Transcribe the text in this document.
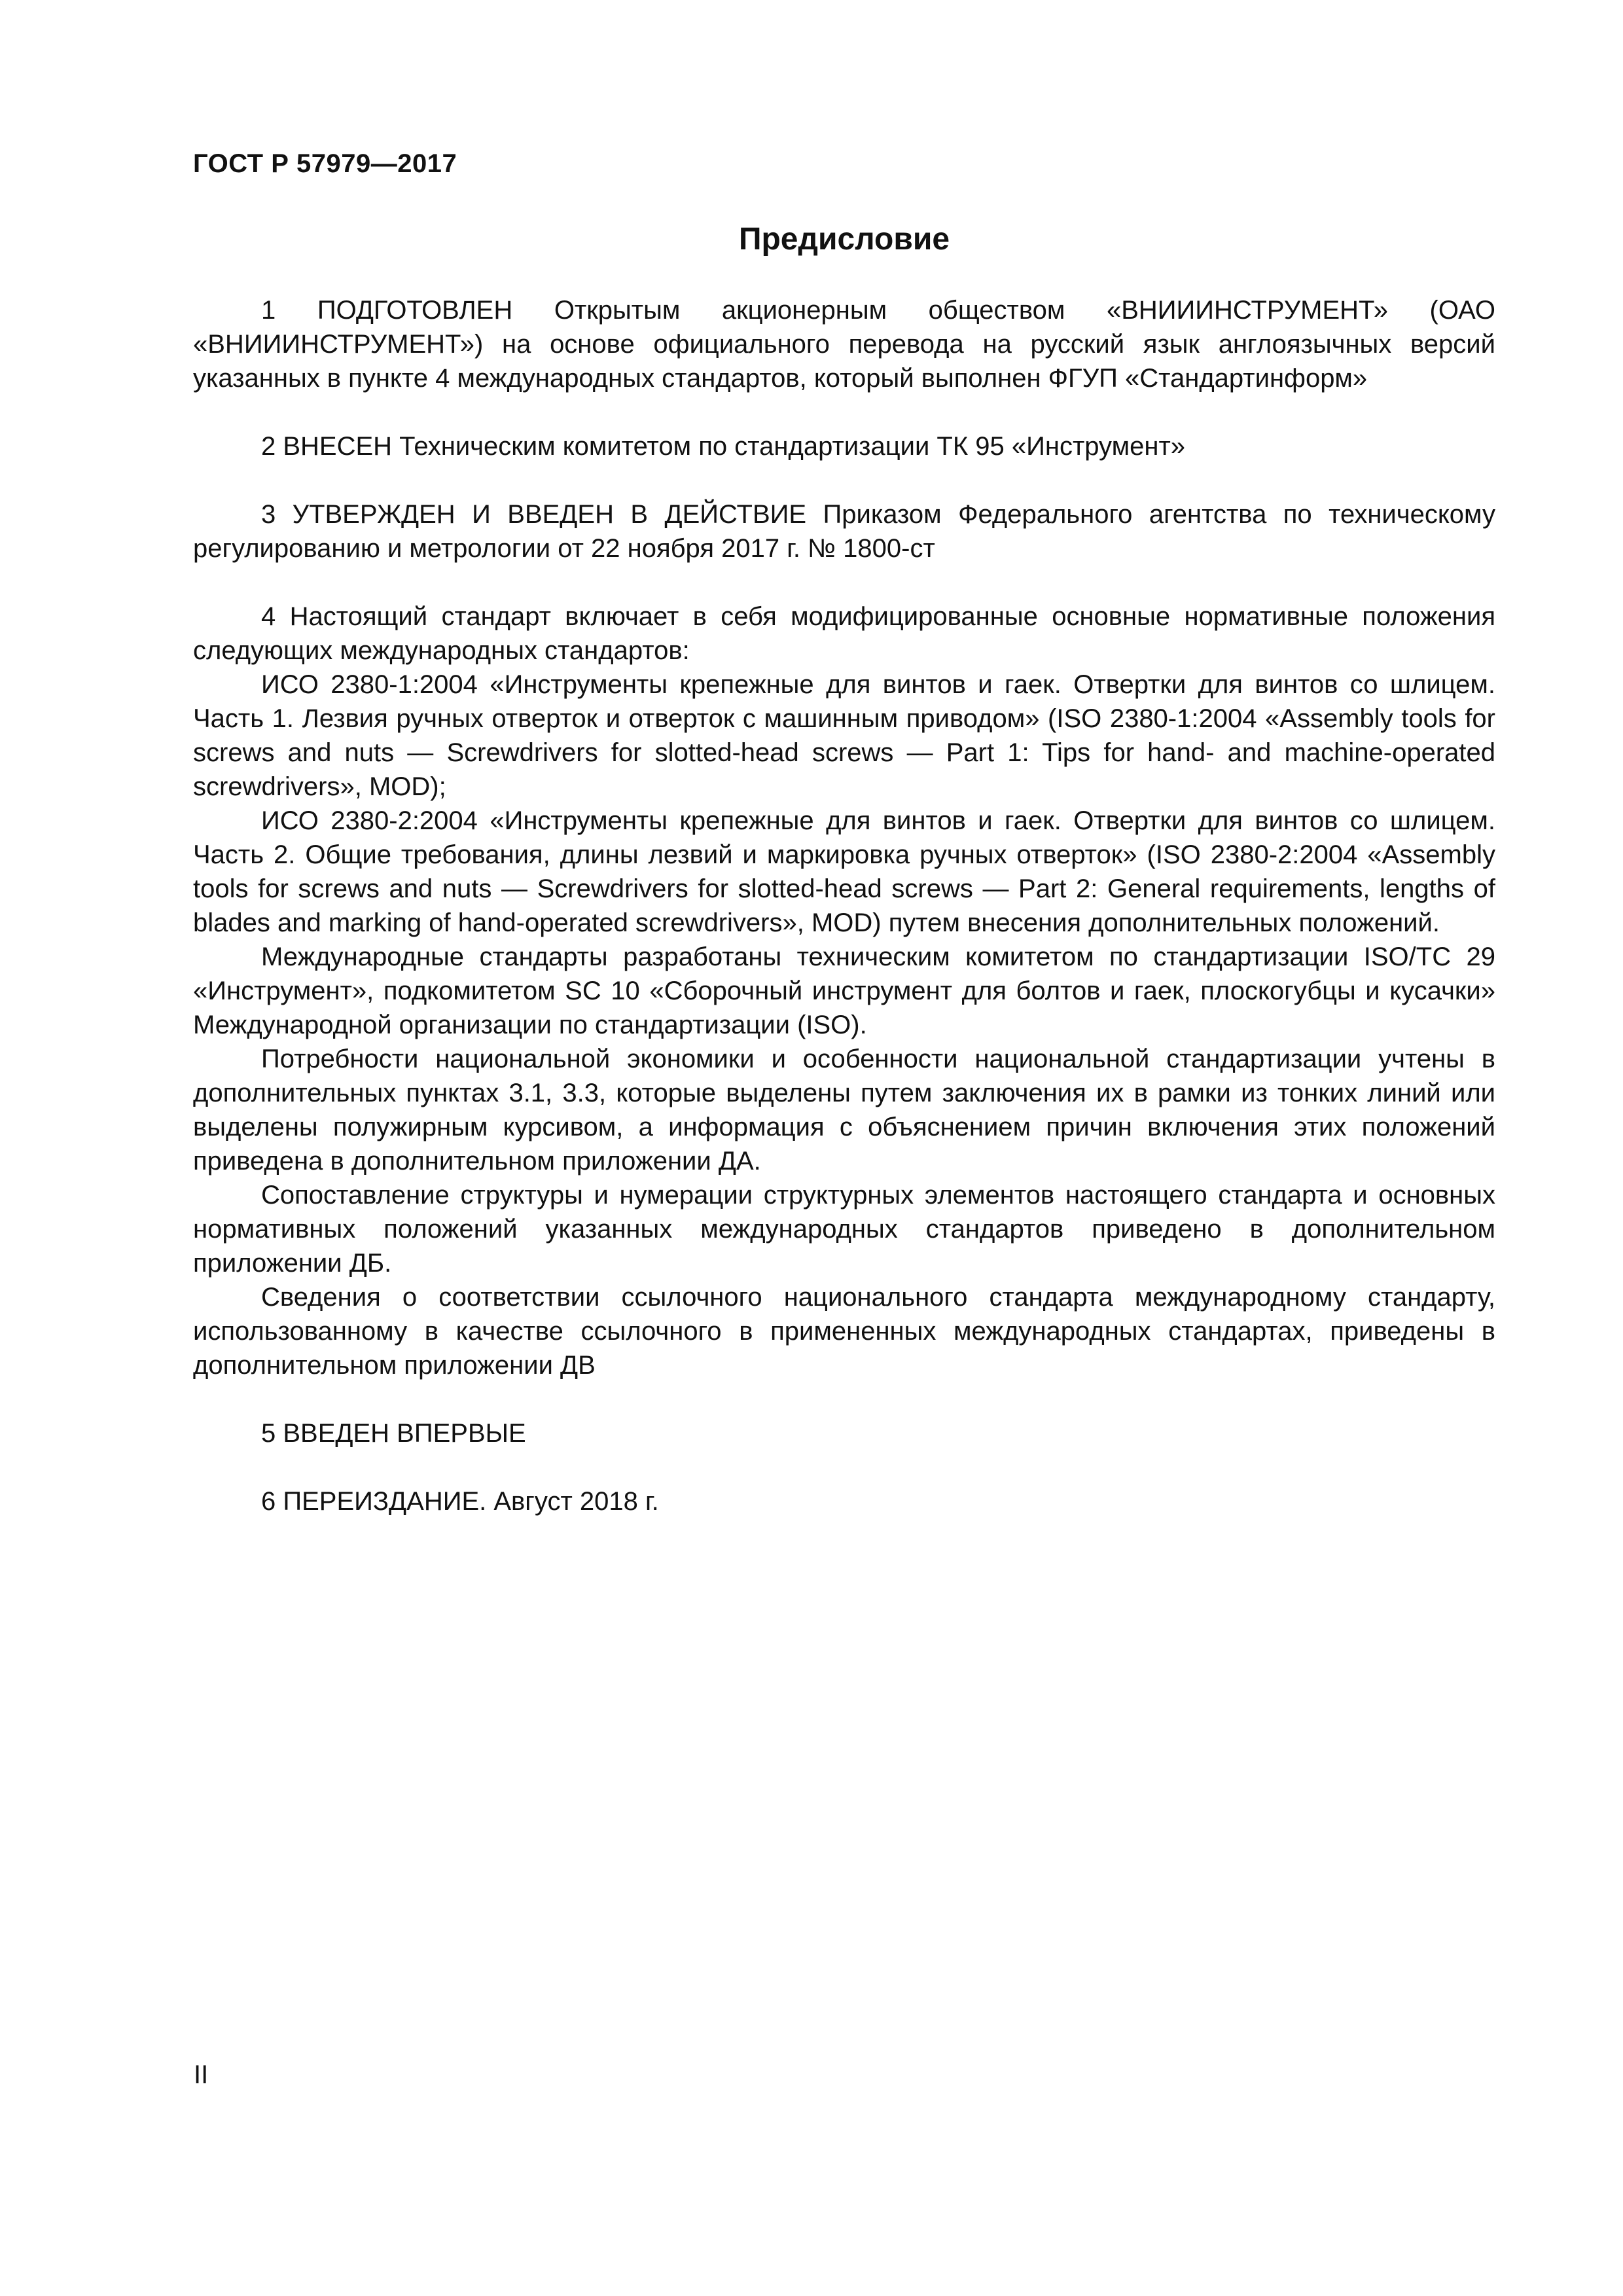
ГОСТ Р 57979—2017
Предисловие

1 ПОДГОТОВЛЕН Открытым акционерным обществом «ВНИИИНСТРУМЕНТ» (ОАО «ВНИИИНСТРУМЕНТ») на основе официального перевода на русский язык англоязычных версий указанных в пункте 4 международных стандартов, который выполнен ФГУП «Стандартинформ»

2 ВНЕСЕН Техническим комитетом по стандартизации ТК 95 «Инструмент»

3 УТВЕРЖДЕН И ВВЕДЕН В ДЕЙСТВИЕ Приказом Федерального агентства по техническому регулированию и метрологии от 22 ноября 2017 г. № 1800-ст

4 Настоящий стандарт включает в себя модифицированные основные нормативные положения следующих международных стандартов:

ИСО 2380-1:2004 «Инструменты крепежные для винтов и гаек. Отвертки для винтов со шлицем. Часть 1. Лезвия ручных отверток и отверток с машинным приводом» (ISO 2380-1:2004 «Assembly tools for screws and nuts — Screwdrivers for slotted-head screws — Part 1: Tips for hand- and machine-operated screwdrivers», MOD);

ИСО 2380-2:2004 «Инструменты крепежные для винтов и гаек. Отвертки для винтов со шлицем. Часть 2. Общие требования, длины лезвий и маркировка ручных отверток» (ISO 2380-2:2004 «Assembly tools for screws and nuts — Screwdrivers for slotted-head screws — Part 2: General requirements, lengths of blades and marking of hand-operated screwdrivers», MOD) путем внесения дополнительных положений.

Международные стандарты разработаны техническим комитетом по стандартизации ISO/TC 29 «Инструмент», подкомитетом SC 10 «Сборочный инструмент для болтов и гаек, плоскогубцы и кусачки» Международной организации по стандартизации (ISO).

Потребности национальной экономики и особенности национальной стандартизации учтены в дополнительных пунктах 3.1, 3.3, которые выделены путем заключения их в рамки из тонких линий или выделены полужирным курсивом, а информация с объяснением причин включения этих положений приведена в дополнительном приложении ДА.

Сопоставление структуры и нумерации структурных элементов настоящего стандарта и основных нормативных положений указанных международных стандартов приведено в дополнительном приложении ДБ.

Сведения о соответствии ссылочного национального стандарта международному стандарту, использованному в качестве ссылочного в примененных международных стандартах, приведены в дополнительном приложении ДВ

5 ВВЕДЕН ВПЕРВЫЕ

6 ПЕРЕИЗДАНИЕ. Август 2018 г.

II
